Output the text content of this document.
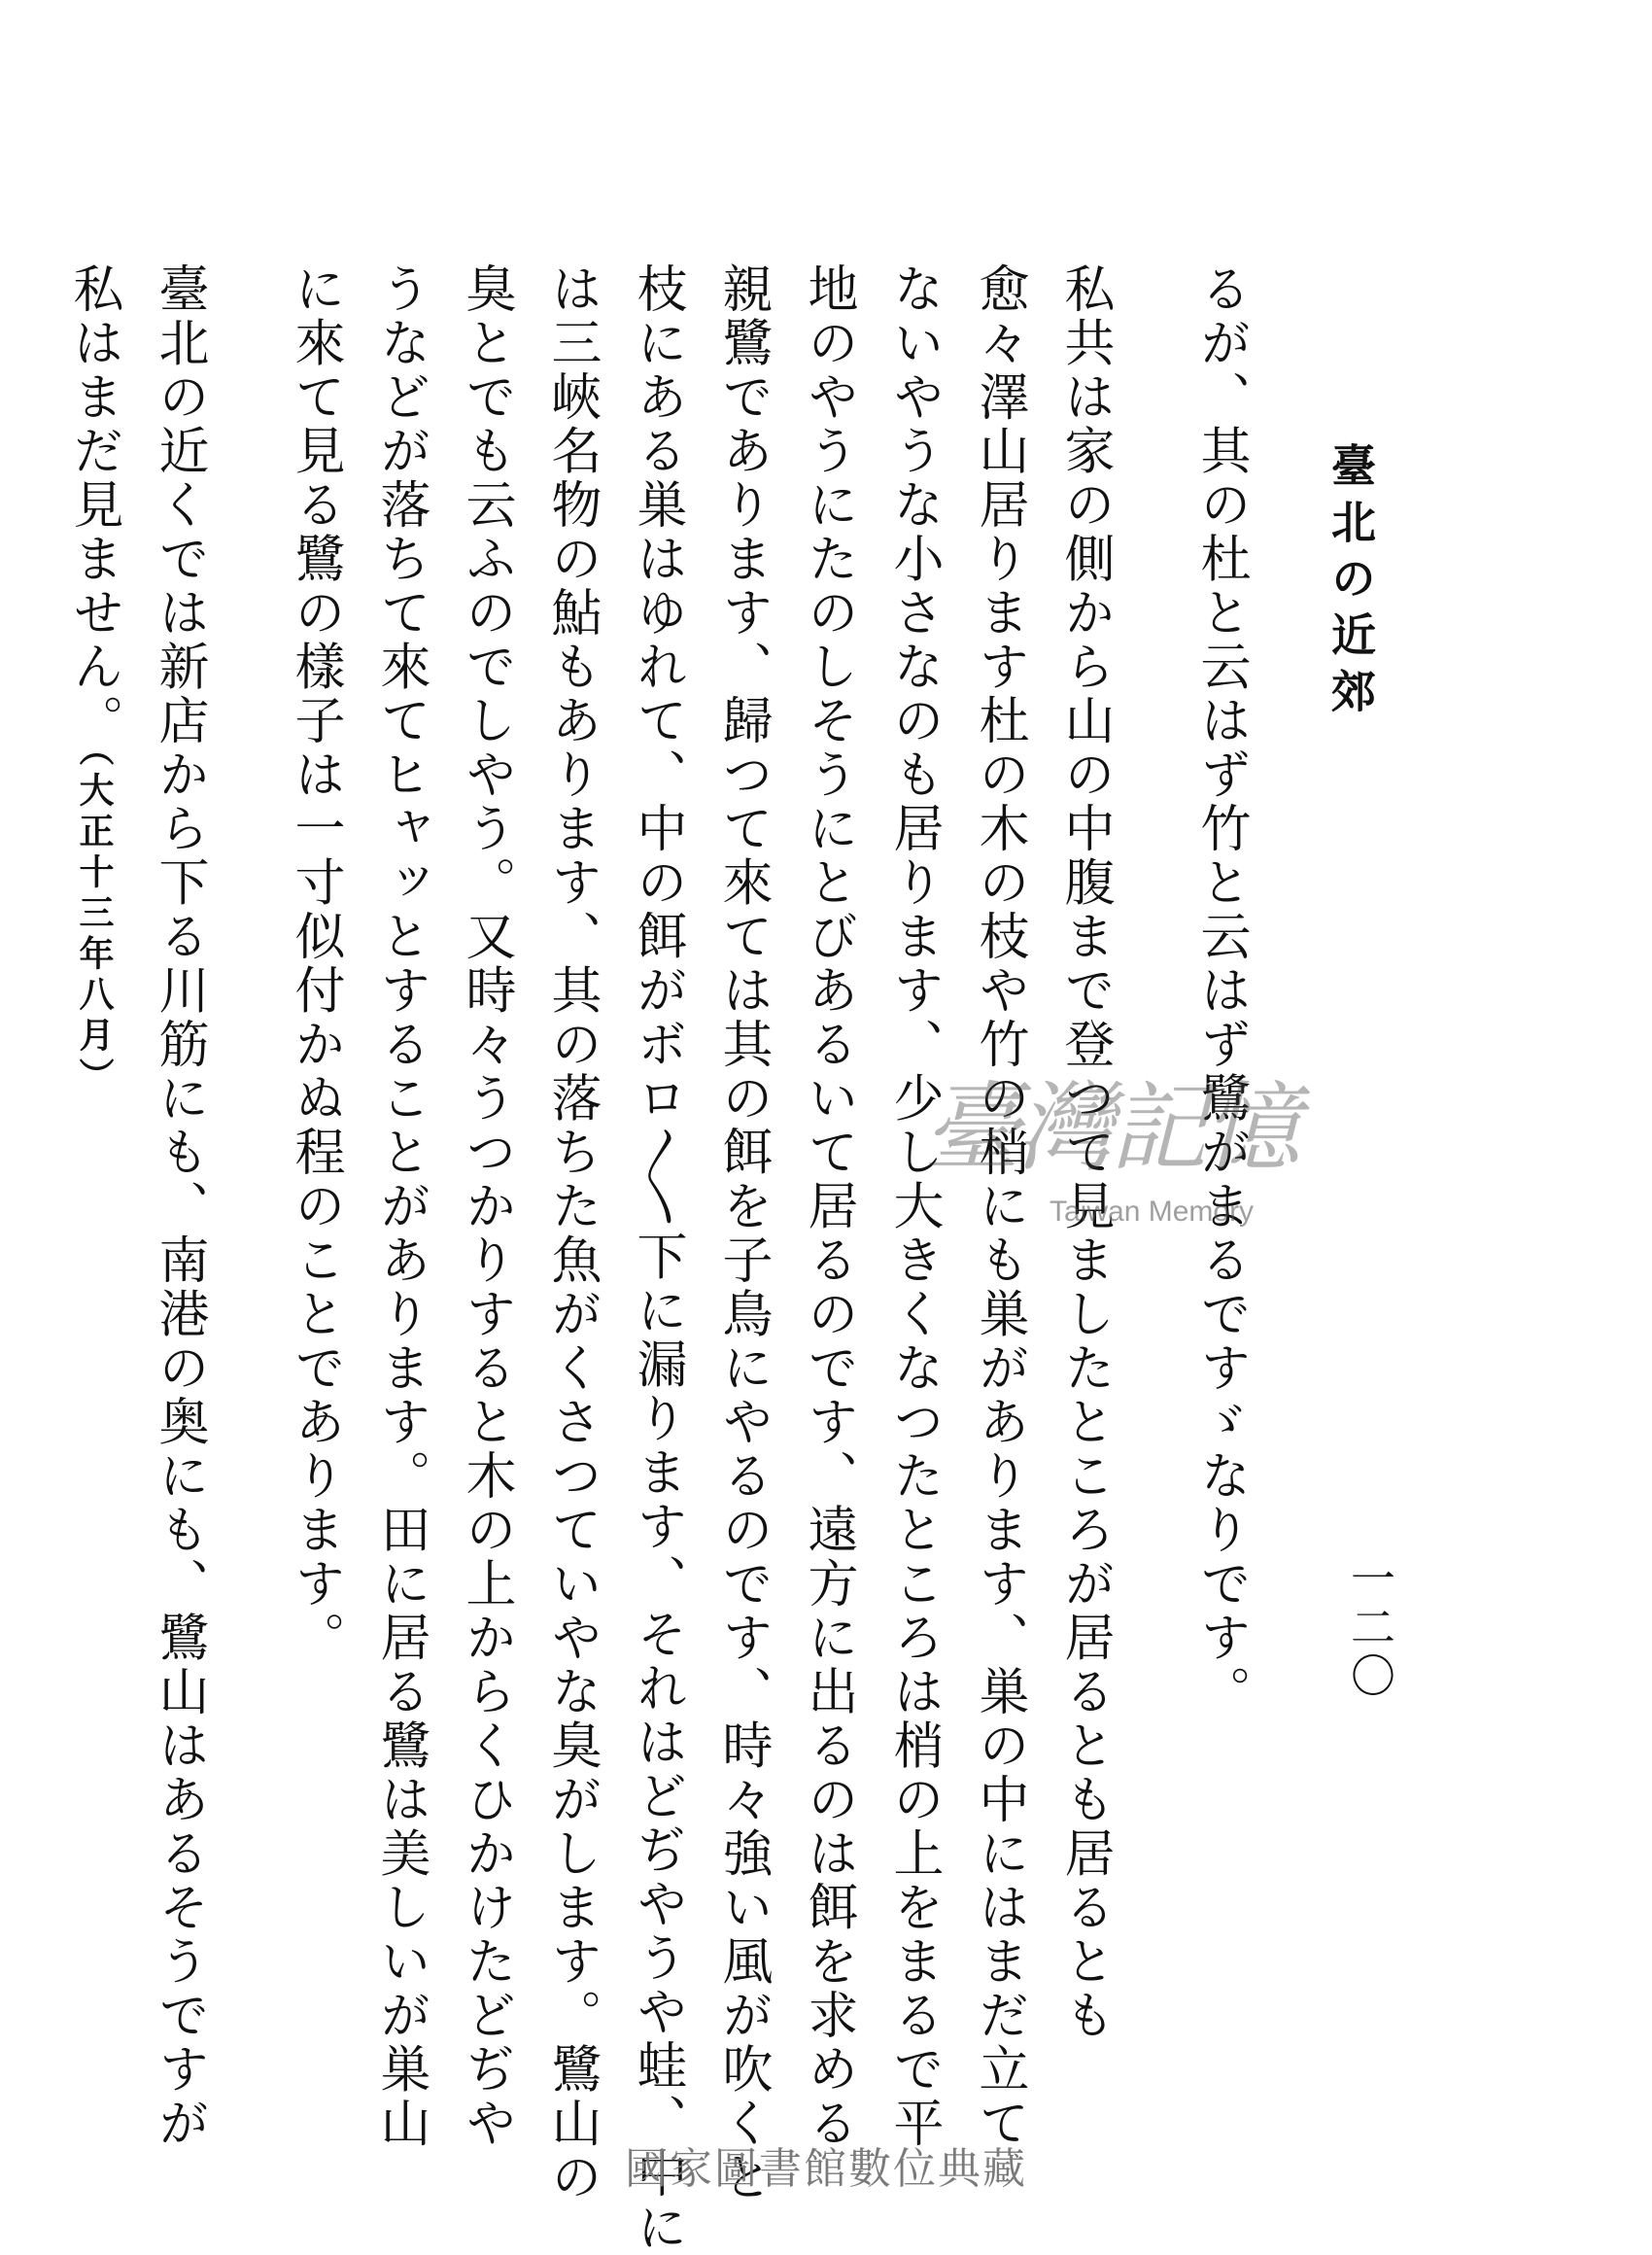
臺北の近郊
一二〇
るが、其の杜と云はず竹と云はず鷺がまるですゞなりです。
私共は家の側から山の中腹まで登つて見ましたところが居るとも居るとも
愈々澤山居ります杜の木の枝や竹の梢にも巣があります、巣の中にはまだ立て
ないやうな小さなのも居ります、少し大きくなつたところは梢の上をまるで平
地のやうにたのしそうにとびあるいて居るのです、遠方に出るのは餌を求める
親鷺であります、歸つて來ては其の餌を子鳥にやるのです、時々強い風が吹くと
枝にある巣はゆれて、中の餌がボロ〳〵下に漏ります、それはどぢやうや蛙、中に
は三峽名物の鮎もあります、其の落ちた魚がくさつていやな臭がします。鷺山の
臭とでも云ふのでしやう。又時々うつかりすると木の上からくひかけたどぢや
うなどが落ちて來てヒャッとすることがあります。田に居る鷺は美しいが巣山
に來て見る鷺の樣子は一寸似付かぬ程のことであります。
臺北の近くでは新店から下る川筋にも、南港の奥にも、鷺山はあるそうですが
私はまだ見ません。（大正十三年八月）
臺灣記憶
Taiwan Memory
國家圖書館數位典藏
